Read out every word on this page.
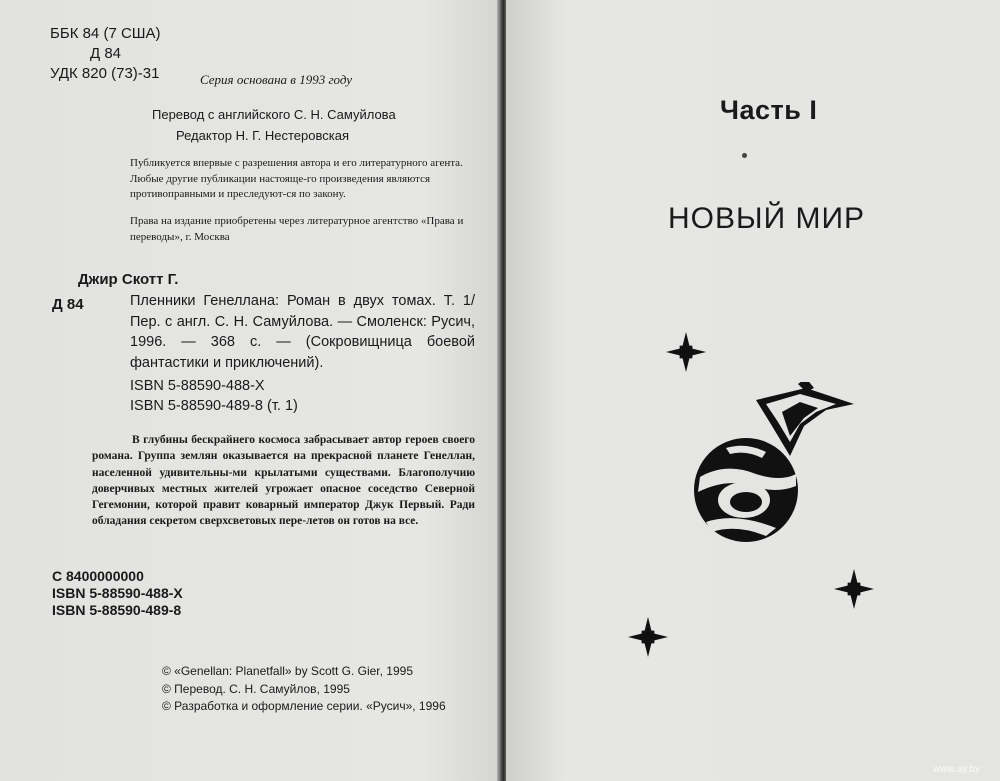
ББК 84 (7 США)
Д 84
УДК 820 (73)-31	Серия основана в 1993 году
Перевод с английского С. Н. Самуйлова
Редактор Н. Г. Нестеровская

Публикуется впервые с разрешения автора и его литературного агента. Любые другие публикации настояще-го произведения являются противоправными и преследуют-ся по закону.

Права на издание приобретены через литературное агентство «Права и переводы», г. Москва
Джир Скотт Г.
Д 84	Пленники Генеллана: Роман в двух томах. Т. 1/Пер. с англ. С. Н. Самуйлова. — Смоленск: Русич, 1996. — 368 с. — (Сокровищница боевой фантастики и приключений).
ISBN 5-88590-488-X
ISBN 5-88590-489-8 (т. 1)
В глубины бескрайнего космоса забрасывает автор героев своего романа. Группа землян оказывается на прекрасной планете Генеллан, населенной удивительны-ми крылатыми существами. Благополучию доверчивых местных жителей угрожает опасное соседство Северной Гегемонии, которой правит коварный император Джук Первый. Ради обладания секретом сверхсветовых пере-летов он готов на все.
С 8400000000
ISBN 5-88590-488-X
ISBN 5-88590-489-8
© «Genellan: Planetfall» by Scott G. Gier, 1995
© Перевод. С. Н. Самуйлов, 1995
© Разработка и оформление серии. «Русич», 1996
Часть I
НОВЫЙ МИР
www.ay.by
